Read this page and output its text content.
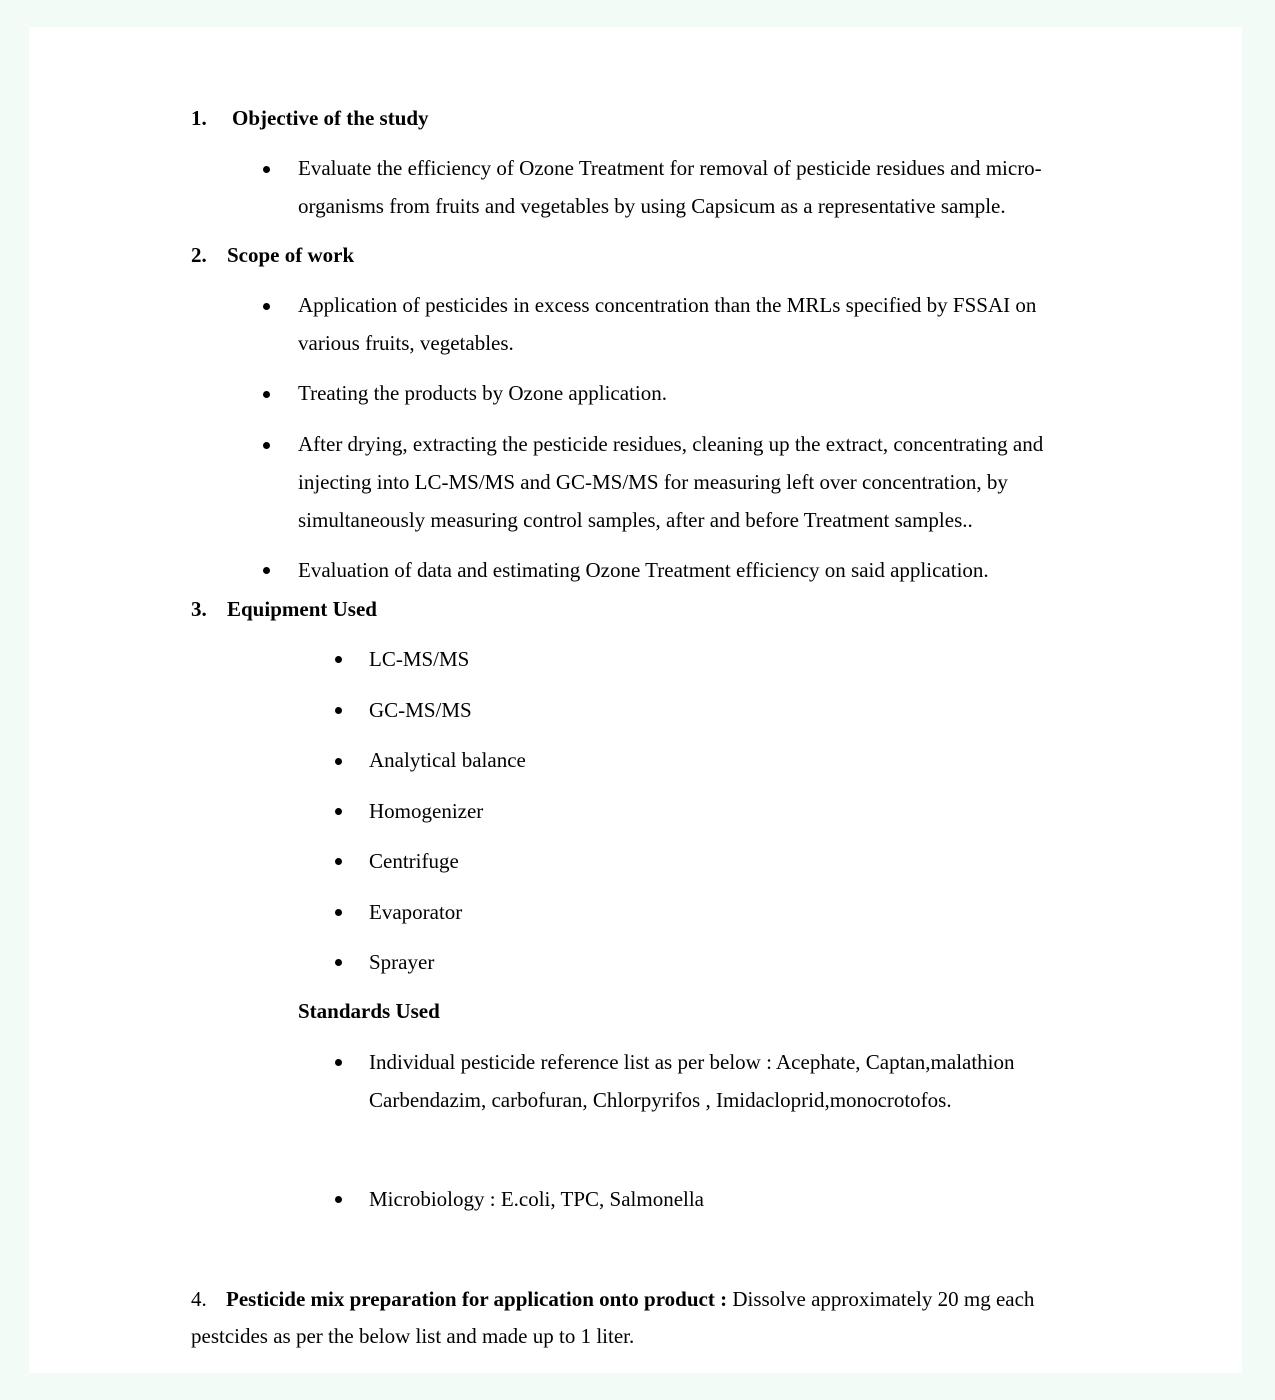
1. Objective of the study
Evaluate the efficiency of Ozone Treatment for removal of pesticide residues and micro-
organisms from fruits and vegetables by using Capsicum as a representative sample.
2. Scope of work
Application of pesticides in excess concentration than the MRLs specified by FSSAI on
various fruits, vegetables.
Treating the products by Ozone application.
After drying, extracting the pesticide residues, cleaning up the extract, concentrating and
injecting into LC-MS/MS and GC-MS/MS for measuring left over concentration, by
simultaneously measuring control samples, after and before Treatment samples..
Evaluation of data and estimating Ozone Treatment efficiency on said application.
3. Equipment Used
LC-MS/MS
GC-MS/MS
Analytical balance
Homogenizer
Centrifuge
Evaporator
Sprayer
Standards Used
Individual pesticide reference list as per below : Acephate, Captan,malathion
Carbendazim, carbofuran, Chlorpyrifos , Imidacloprid,monocrotofos.
Microbiology : E.coli, TPC, Salmonella
4. Pesticide mix preparation for application onto product : Dissolve approximately 20 mg each
pestcides as per the below list and made up to 1 liter.
